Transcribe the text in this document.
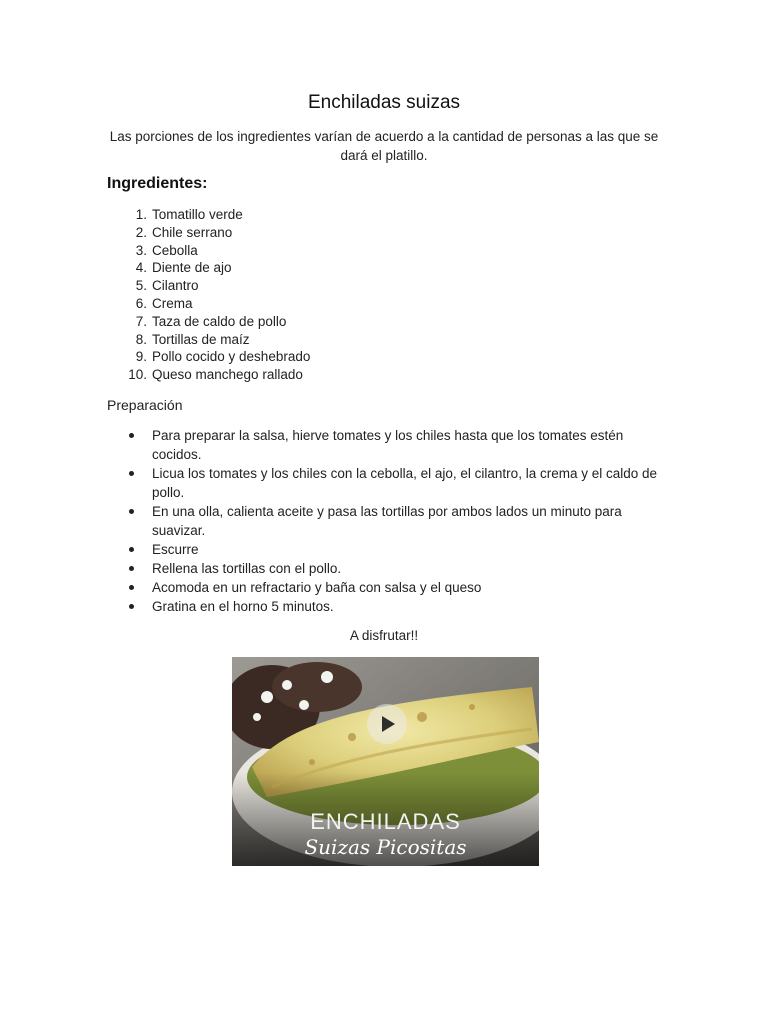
Enchiladas suizas
Las porciones de los ingredientes varían de acuerdo a la cantidad de personas a las que se dará el platillo.
Ingredientes:
1. Tomatillo verde
2. Chile serrano
3. Cebolla
4. Diente de ajo
5. Cilantro
6. Crema
7. Taza de caldo de pollo
8. Tortillas de maíz
9. Pollo cocido y deshebrado
10. Queso manchego rallado
Preparación
Para preparar la salsa, hierve tomates y los chiles hasta que los tomates estén cocidos.
Licua los tomates y los chiles con la cebolla, el ajo, el cilantro, la crema y el caldo de pollo.
En una olla, calienta aceite y pasa las tortillas por ambos lados un minuto para suavizar.
Escurre
Rellena las tortillas con el pollo.
Acomoda en un refractario y baña con salsa y el queso
Gratina en el horno 5 minutos.
A disfrutar!!
ENCHILADAS
Suizas Picositas
